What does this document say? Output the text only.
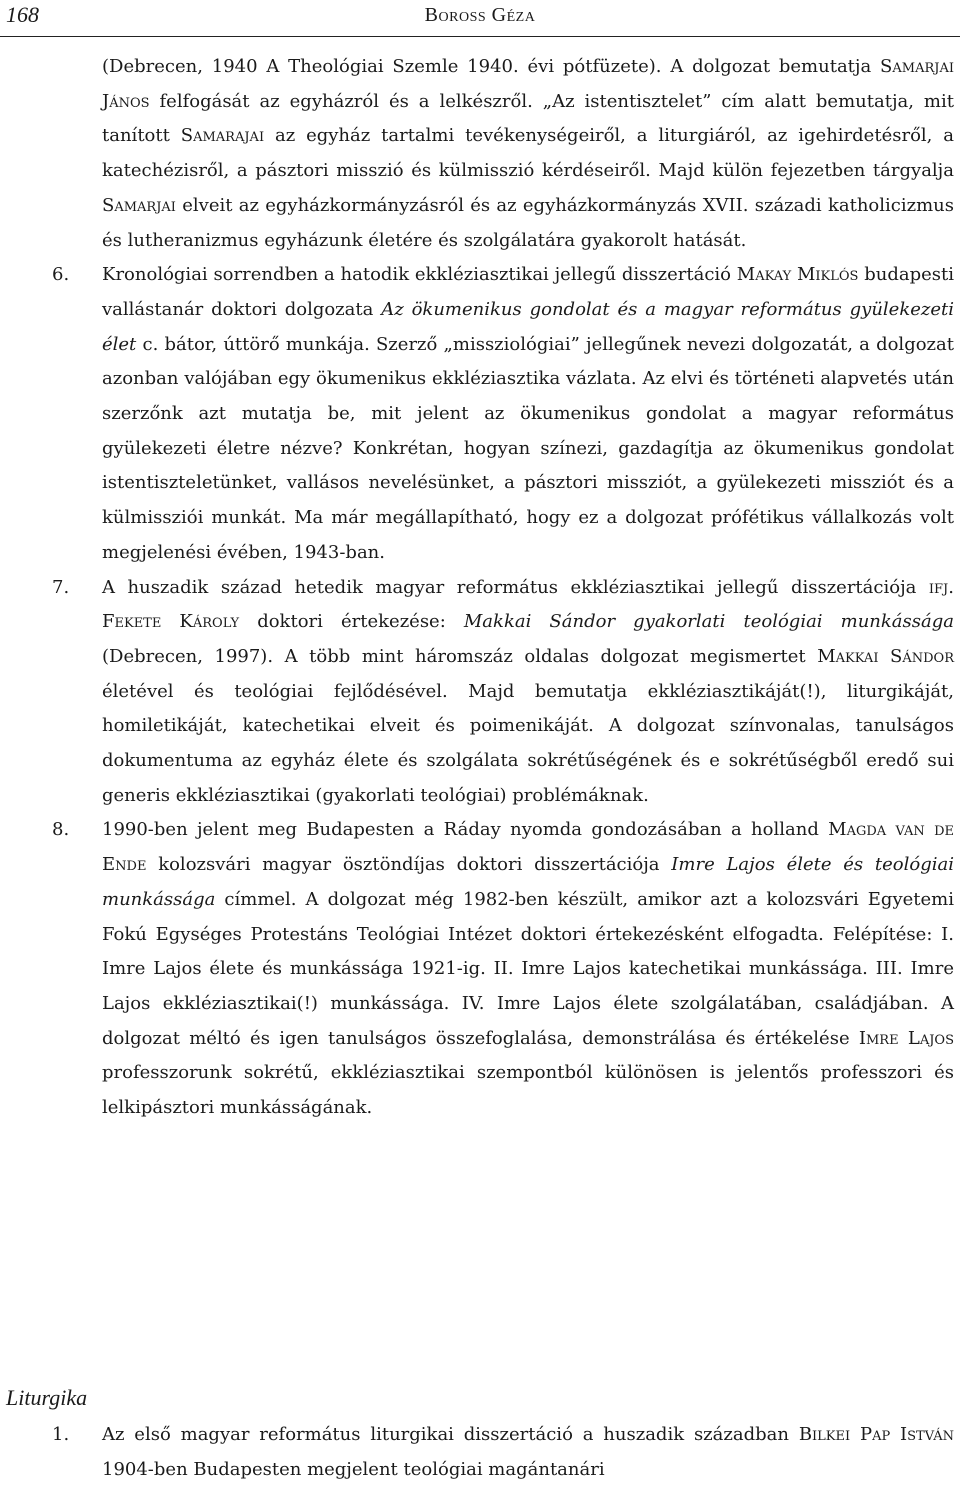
168	Boross Géza
(Debrecen, 1940 A Theológiai Szemle 1940. évi pótfüzete). A dolgozat bemutatja Samarjai János felfogását az egyházról és a lelkészről. „Az istentisztelet” cím alatt bemutatja, mit tanított Samarajai az egyház tartalmi tevékenységeiről, a liturgiáról, az igehirdetésről, a katechézisről, a pásztori misszió és külmisszió kérdéseiről. Majd külön fejezetben tárgyalja Samarjai elveit az egyházkormányzásról és az egyházkormányzás XVII. századi katholicizmus és lutheranizmus egyházunk életére és szolgálatára gyakorolt hatását.
6.	Kronológiai sorrendben a hatodik ekkléziasztikai jellegű disszertáció Makay Miklós budapesti vallástanár doktori dolgozata Az ökumenikus gondolat és a magyar református gyülekezeti élet c. bátor, úttörő munkája. Szerző „missziológiai” jellegűnek nevezi dolgozatát, a dolgozat azonban valójában egy ökumenikus ekkléziasztika vázlata. Az elvi és történeti alapvetés után szerzőnk azt mutatja be, mit jelent az ökumenikus gondolat a magyar református gyülekezeti életre nézve? Konkrétan, hogyan színezi, gazdagítja az ökumenikus gondolat istentiszteletünket, vallásos nevelésünket, a pásztori missziót, a gyülekezeti missziót és a külmissziói munkát. Ma már megállapítható, hogy ez a dolgozat prófétikus vállalkozás volt megjelenési évében, 1943-ban.
7.	A huszadik század hetedik magyar református ekkléziasztikai jellegű disszertációja ifj. Fekete Károly doktori értekezése: Makkai Sándor gyakorlati teológiai munkássága (Debrecen, 1997). A több mint háromszáz oldalas dolgozat megismertet Makkai Sándor életével és teológiai fejlődésével. Majd bemutatja ekkléziasztikáját(!), liturgikáját, homiletikáját, katechetikai elveit és poimenikáját. A dolgozat színvonalas, tanulságos dokumentuma az egyház élete és szolgálata sokrétűségének és e sokrétűségből eredő sui generis ekkléziasztikai (gyakorlati teológiai) problémáknak.
8.	1990-ben jelent meg Budapesten a Ráday nyomda gondozásában a holland Magda van de Ende kolozsvári magyar ösztöndíjas doktori disszertációja Imre Lajos élete és teológiai munkássága címmel. A dolgozat még 1982-ben készült, amikor azt a kolozsvári Egyetemi Fokú Egységes Protestáns Teológiai Intézet doktori értekezésként elfogadta. Felépítése: I. Imre Lajos élete és munkássága 1921-ig. II. Imre Lajos katechetikai munkássága. III. Imre Lajos ekkléziasztikai(!) munkássága. IV. Imre Lajos élete szolgálatában, családjában. A dolgozat méltó és igen tanulságos összefoglalása, demonstrálása és értékelése Imre Lajos professzorunk sokrétű, ekkléziasztikai szempontból különösen is jelentős professzori és lelkipásztori munkásságának.
Liturgika
1.	Az első magyar református liturgikai disszertáció a huszadik században Bilkei Pap István 1904-ben Budapesten megjelent teológiai magántanári
